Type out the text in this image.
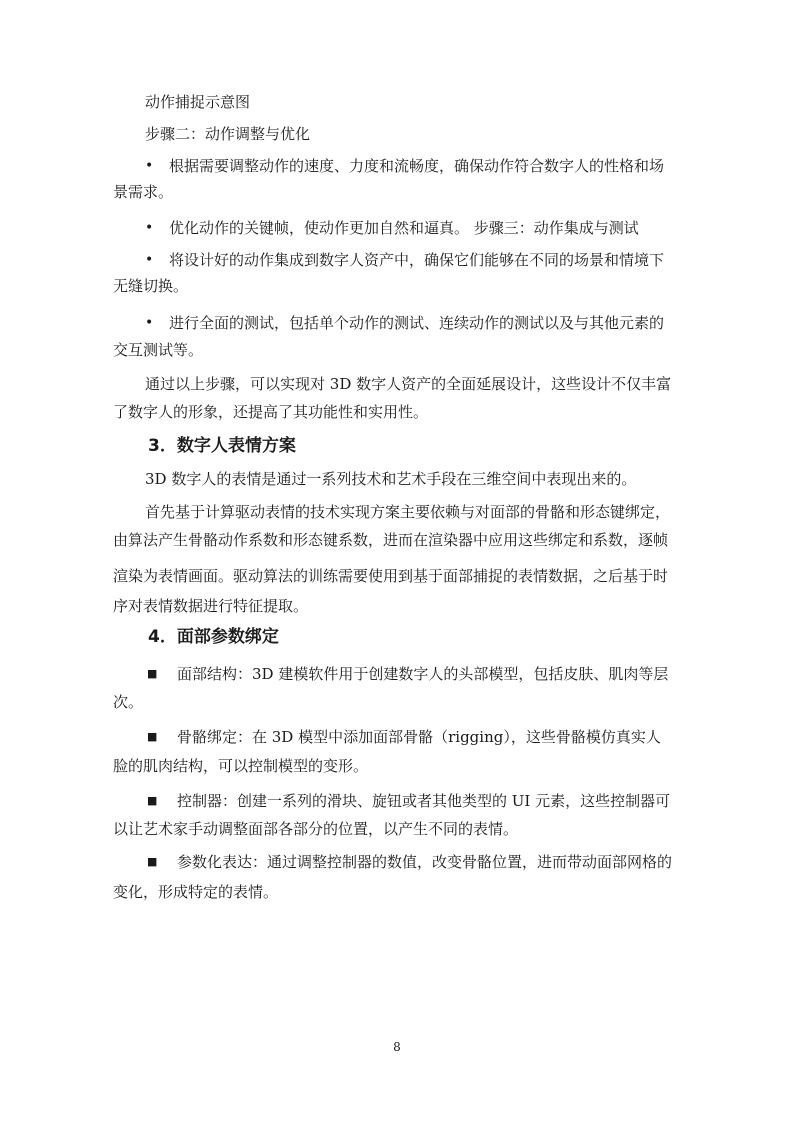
动作捕捉示意图
步骤二：动作调整与优化
• 根据需要调整动作的速度、力度和流畅度，确保动作符合数字人的性格和场
景需求。
• 优化动作的关键帧，使动作更加自然和逼真。 步骤三：动作集成与测试
• 将设计好的动作集成到数字人资产中，确保它们能够在不同的场景和情境下
无缝切换。
• 进行全面的测试，包括单个动作的测试、连续动作的测试以及与其他元素的
交互测试等。
通过以上步骤，可以实现对 3D 数字人资产的全面延展设计，这些设计不仅丰富
了数字人的形象，还提高了其功能性和实用性。
3．数字人表情方案
3D 数字人的表情是通过一系列技术和艺术手段在三维空间中表现出来的。
首先基于计算驱动表情的技术实现方案主要依赖与对面部的骨骼和形态键绑定，
由算法产生骨骼动作系数和形态键系数，进而在渲染器中应用这些绑定和系数，逐帧
渲染为表情画面。驱动算法的训练需要使用到基于面部捕捉的表情数据，之后基于时
序对表情数据进行特征提取。
4．面部参数绑定
■ 面部结构：3D 建模软件用于创建数字人的头部模型，包括皮肤、肌肉等层
次。
■ 骨骼绑定：在 3D 模型中添加面部骨骼（rigging），这些骨骼模仿真实人
脸的肌肉结构，可以控制模型的变形。
■ 控制器：创建一系列的滑块、旋钮或者其他类型的 UI 元素，这些控制器可
以让艺术家手动调整面部各部分的位置，以产生不同的表情。
■ 参数化表达：通过调整控制器的数值，改变骨骼位置，进而带动面部网格的
变化，形成特定的表情。
8
